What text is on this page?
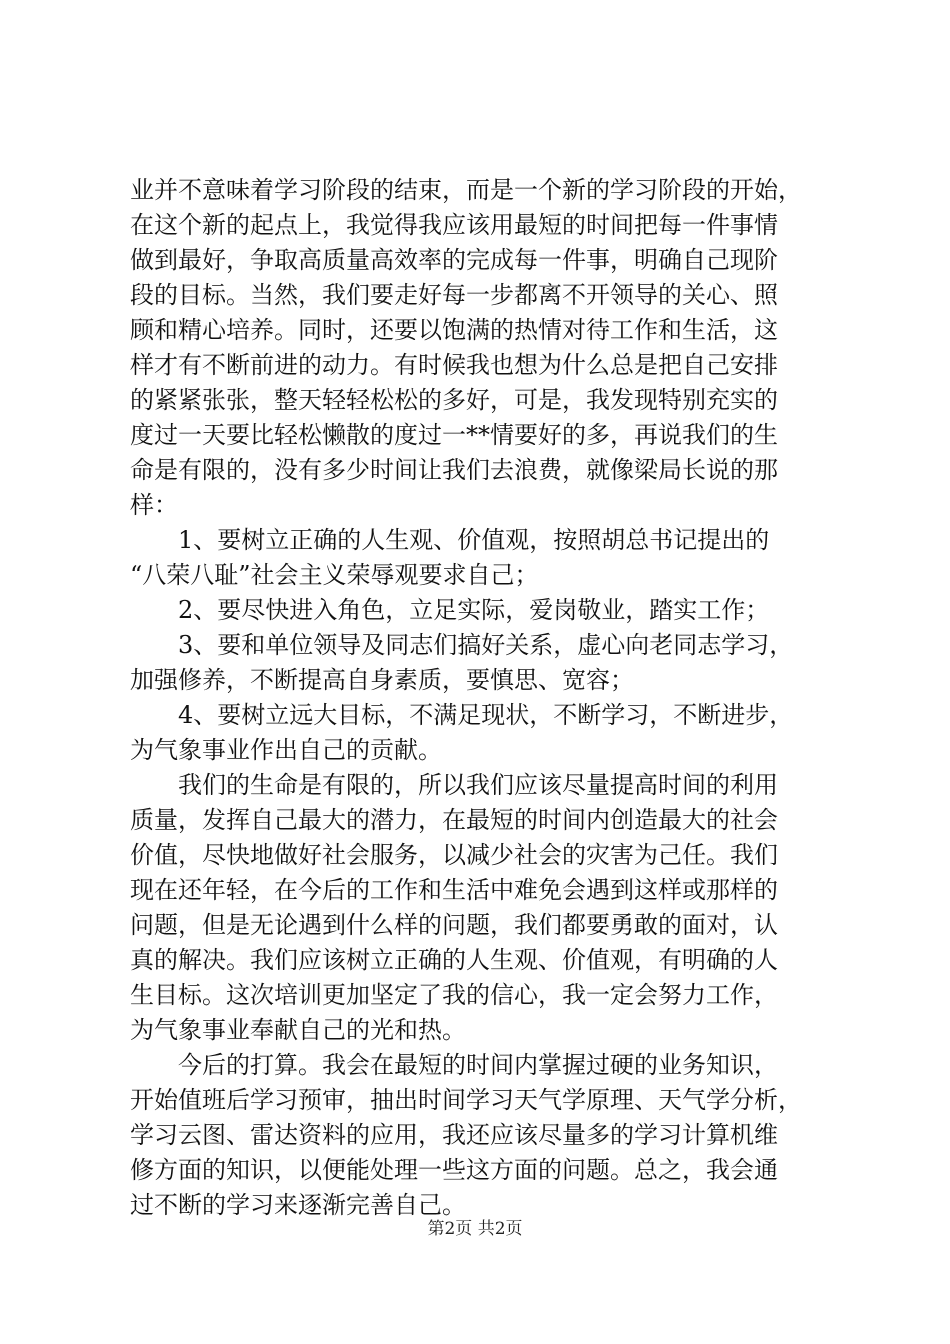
业并不意味着学习阶段的结束，而是一个新的学习阶段的开始，
在这个新的起点上，我觉得我应该用最短的时间把每一件事情
做到最好，争取高质量高效率的完成每一件事，明确自己现阶
段的目标。当然，我们要走好每一步都离不开领导的关心、照
顾和精心培养。同时，还要以饱满的热情对待工作和生活，这
样才有不断前进的动力。有时候我也想为什么总是把自己安排
的紧紧张张，整天轻轻松松的多好，可是，我发现特别充实的
度过一天要比轻松懒散的度过一**情要好的多，再说我们的生
命是有限的，没有多少时间让我们去浪费，就像梁局长说的那
样：
1、要树立正确的人生观、价值观，按照胡总书记提出的
“八荣八耻”社会主义荣辱观要求自己；
2、要尽快进入角色，立足实际，爱岗敬业，踏实工作；
3、要和单位领导及同志们搞好关系，虚心向老同志学习，
加强修养，不断提高自身素质，要慎思、宽容；
4、要树立远大目标，不满足现状，不断学习，不断进步，
为气象事业作出自己的贡献。
我们的生命是有限的，所以我们应该尽量提高时间的利用
质量，发挥自己最大的潜力，在最短的时间内创造最大的社会
价值，尽快地做好社会服务，以减少社会的灾害为己任。我们
现在还年轻，在今后的工作和生活中难免会遇到这样或那样的
问题，但是无论遇到什么样的问题，我们都要勇敢的面对，认
真的解决。我们应该树立正确的人生观、价值观，有明确的人
生目标。这次培训更加坚定了我的信心，我一定会努力工作，
为气象事业奉献自己的光和热。
今后的打算。我会在最短的时间内掌握过硬的业务知识，
开始值班后学习预审，抽出时间学习天气学原理、天气学分析，
学习云图、雷达资料的应用，我还应该尽量多的学习计算机维
修方面的知识，以便能处理一些这方面的问题。总之，我会通
过不断的学习来逐渐完善自己。
第2页 共2页
